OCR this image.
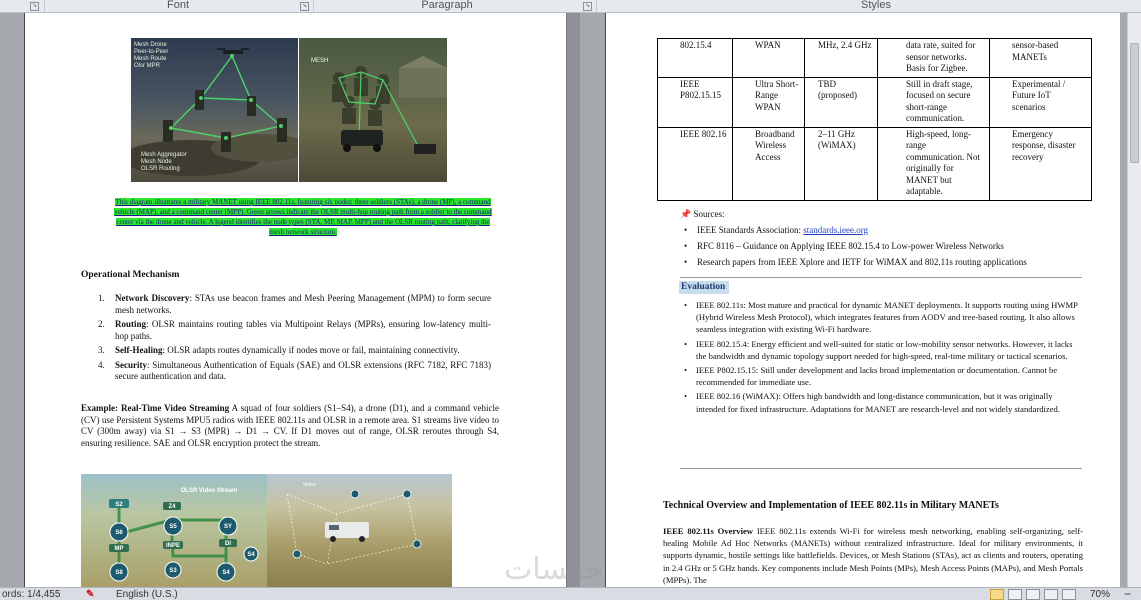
↘	Font	↘	Paragraph	↘	Styles
Mesh Drone
Peer-to-Peer
Mesh Route
Olsr MPR
Mesh Aggregator
Mesh Node
OLSR Routing
MESH
This diagram illustrates a military MANET using IEEE 802.11s, featuring six nodes: three soldiers (STAs), a drone (MP), a command vehicle (MAP), and a command center (MPP). Green arrows indicate the OLSR multi-hop routing path from a soldier to the command center via the drone and vehicle. A legend identifies the node types (STA, MP, MAP, MPP) and the OLSR routing path, clarifying the mesh network structure.
Operational Mechanism
1. Network Discovery: STAs use beacon frames and Mesh Peering Management (MPM) to form secure mesh networks.
2. Routing: OLSR maintains routing tables via Multipoint Relays (MPRs), ensuring low-latency multi-hop paths.
3. Self-Healing: OLSR adapts routes dynamically if nodes move or fail, maintaining connectivity.
4. Security: Simultaneous Authentication of Equals (SAE) and OLSR extensions (RFC 7182, RFC 7183) secure authentication and data.
Example: Real-Time Video Streaming A squad of four soldiers (S1–S4), a drone (D1), and a command vehicle (CV) use Persistent Systems MPU5 radios with IEEE 802.11s and OLSR in a remote area. S1 streams live video to CV (300m away) via S1 → S3 (MPR) → D1 → CV. If D1 moves out of range, OLSR reroutes through S4, ensuring resilience. SAE and OLSR encryption protect the stream.
S2	Z4
S5	SY
S6
MP	INPE	DI
S8	S3	S4
S4
OLSR Video Stream
Video
802.15.4	WPAN	MHz, 2.4 GHz	data rate, suited for sensor networks. Basis for Zigbee.	sensor-based MANETs
IEEE P802.15.15	Ultra Short-Range WPAN	TBD (proposed)	Still in draft stage, focused on secure short-range communication.	Experimental / Future IoT scenarios
IEEE 802.16	Broadband Wireless Access	2–11 GHz (WiMAX)	High-speed, long-range communication. Not originally for MANET but adaptable.	Emergency response, disaster recovery
📌 Sources:
• IEEE Standards Association: standards.ieee.org
• RFC 8116 – Guidance on Applying IEEE 802.15.4 to Low-power Wireless Networks
• Research papers from IEEE Xplore and IETF for WiMAX and 802.11s routing applications
Evaluation
• IEEE 802.11s: Most mature and practical for dynamic MANET deployments. It supports routing using HWMP (Hybrid Wireless Mesh Protocol), which integrates features from AODV and tree-based routing. It also allows seamless integration with existing Wi-Fi hardware.
• IEEE 802.15.4: Energy efficient and well-suited for static or low-mobility sensor networks. However, it lacks the bandwidth and dynamic topology support needed for high-speed, real-time military or tactical scenarios.
• IEEE P802.15.15: Still under development and lacks broad implementation or documentation. Cannot be recommended for immediate use.
• IEEE 802.16 (WiMAX): Offers high bandwidth and long-distance communication, but it was originally intended for fixed infrastructure. Adaptations for MANET are research-level and not widely standardized.
Technical Overview and Implementation of IEEE 802.11s in Military MANETs
IEEE 802.11s Overview IEEE 802.11s extends Wi-Fi for wireless mesh networking, enabling self-organizing, self-healing Mobile Ad Hoc Networks (MANETs) without centralized infrastructure. Ideal for military environments, it supports dynamic, hostile settings like battlefields. Devices, or Mesh Stations (STAs), act as clients and routers, operating in 2.4 GHz or 5 GHz bands. Key components include Mesh Points (MPs), Mesh Access Points (MAPs), and Mesh Portals (MPPs). The
خمسات
ords: 1/4,455	✎ English (U.S.)	70% −
